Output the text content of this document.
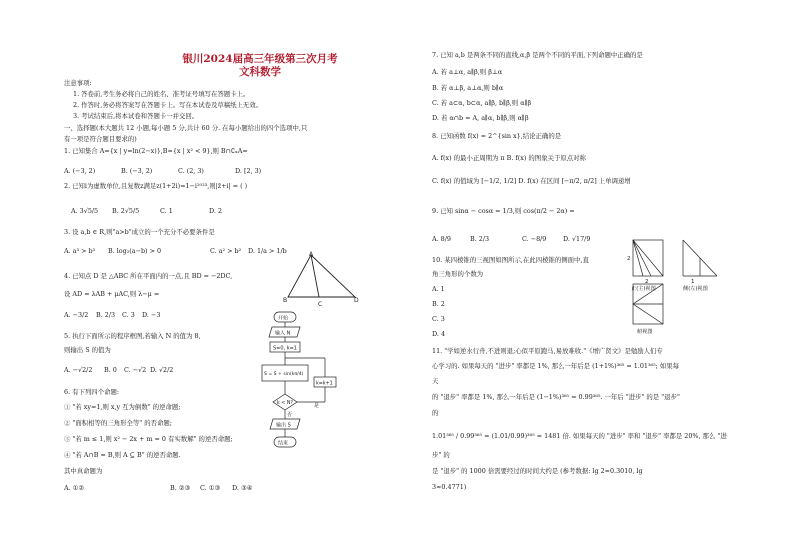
银川2024届高三年级第三次月考
文科数学
注意事项:
1. 答卷前,考生务必将自己的姓名、准考证号填写在答题卡上。
2. 作答时,务必将答案写在答题卡上。写在本试卷及草稿纸上无效。
3. 考试结束后,将本试卷和答题卡一并交回。
一、选择题(本大题共 12 小题,每小题 5 分,共计 60 分. 在每小题给出的四个选项中,只
有一项是符合题目要求的)
1. 已知集合 A={x | y=ln(2−x)},B={x | x² < 9},则 B∩∁ₓA=
A. (−3, 2)	B. (−3, 2)	C. (2, 3)	D. [2, 3)
2. 已知i为虚数单位,且复数z满足z(1+2i)=1−i²⁰²³,则|z̄+i| = ( )
A. 3√5/5 B. 2√5/5	C. 1	D. 2
3. 设 a,b ∈ R,则"a>b"成立的一个充分不必要条件是
A. a³ > b³ B. log₂(a−b) > 0	C. a² > b² D. 1/a > 1/b
4. 已知点 D 是 △ABC 所在平面内的一点,且 BD = −2DC,
设 AD = λAB + μAC,则 λ−μ =
A. −3/2 B. 2/3 C. 3 D. −3
5. 执行下面所示的程序框图,若输入 N 的值为 8,
则输出 S 的值为
A. −√2/2 B. 0 C. −√2 D. √2/2
6. 有下列四个命题:
① "若 xy=1,则 x,y 互为倒数" 的逆命题;
② "面积相等的三角形全等" 的否命题;
③ "若 m ≤ 1,则 x² − 2x + m = 0 有实数解" 的逆否命题;
④ "若 A∩B = B,则 A ⊆ B" 的逆否命题.
其中真命题为
A. ①②	B. ②③ C. ①③ D. ③④
A
B
C
D
开始
输入 N
S=0, k=1
S = S + sin(kπ/4)
k=k+1
k < N?	是
否
输出 S
结束
7. 已知 a,b 是两条不同的直线,α,β 是两个不同的平面,下列命题中正确的是
A. 若 a⊥α, a∥β,则 β⊥α
B. 若 α⊥β, a⊥α,则 b∥α
C. 若 a⊂α, b⊂α, a∥β, b∥β,则 α∥β
D. 若 α∩b = A, a∥α, b∥β,则 α∥β
8. 已知函数 f(x) = 2^{sin x},结论正确的是
A. f(x) 的最小正周期为 π B. f(x) 的图象关于原点对称
C. f(x) 的值域为 [−1/2, 1/2] D. f(x) 在区间 [−π/2, π/2] 上单调递增
9. 已知 sinα − cosα = 1/3,则 cos(π/2 − 2α) =
A. 8/9	B. 2/3	C. −8/9	D. √17/9
10. 某四棱锥的三视图如图所示,在此四棱锥的侧面中,直
角三角形的个数为
A. 1
B. 2
C. 3
D. 4
2
2	1
正(主)视图	侧(左)视图
俯视图
11. "学如逆水行舟,不进则退;心似平原跑马,易放难收."《增广贤文》是勉励人们专
心学习的. 如果每天的 "进步" 率都是 1%, 那么一年后是 (1+1%)³⁶⁵ = 1.01³⁶⁵; 如果每
天
的 "退步" 率都是 1%, 那么一年后是 (1−1%)³⁶⁵ = 0.99³⁶⁵. 一年后 "进步" 的是 "退步"
的
1.01³⁶⁵ / 0.99³⁶⁵ = (1.01/0.99)³⁶⁵ ≈ 1481 倍. 如果每天的 "进步" 率和 "退步" 率都是 20%, 那么 "进
步" 的
是 "退步" 的 1000 倍需要经过的时间大约是 (参考数据: lg 2≈0.3010, lg
3≈0.4771)
